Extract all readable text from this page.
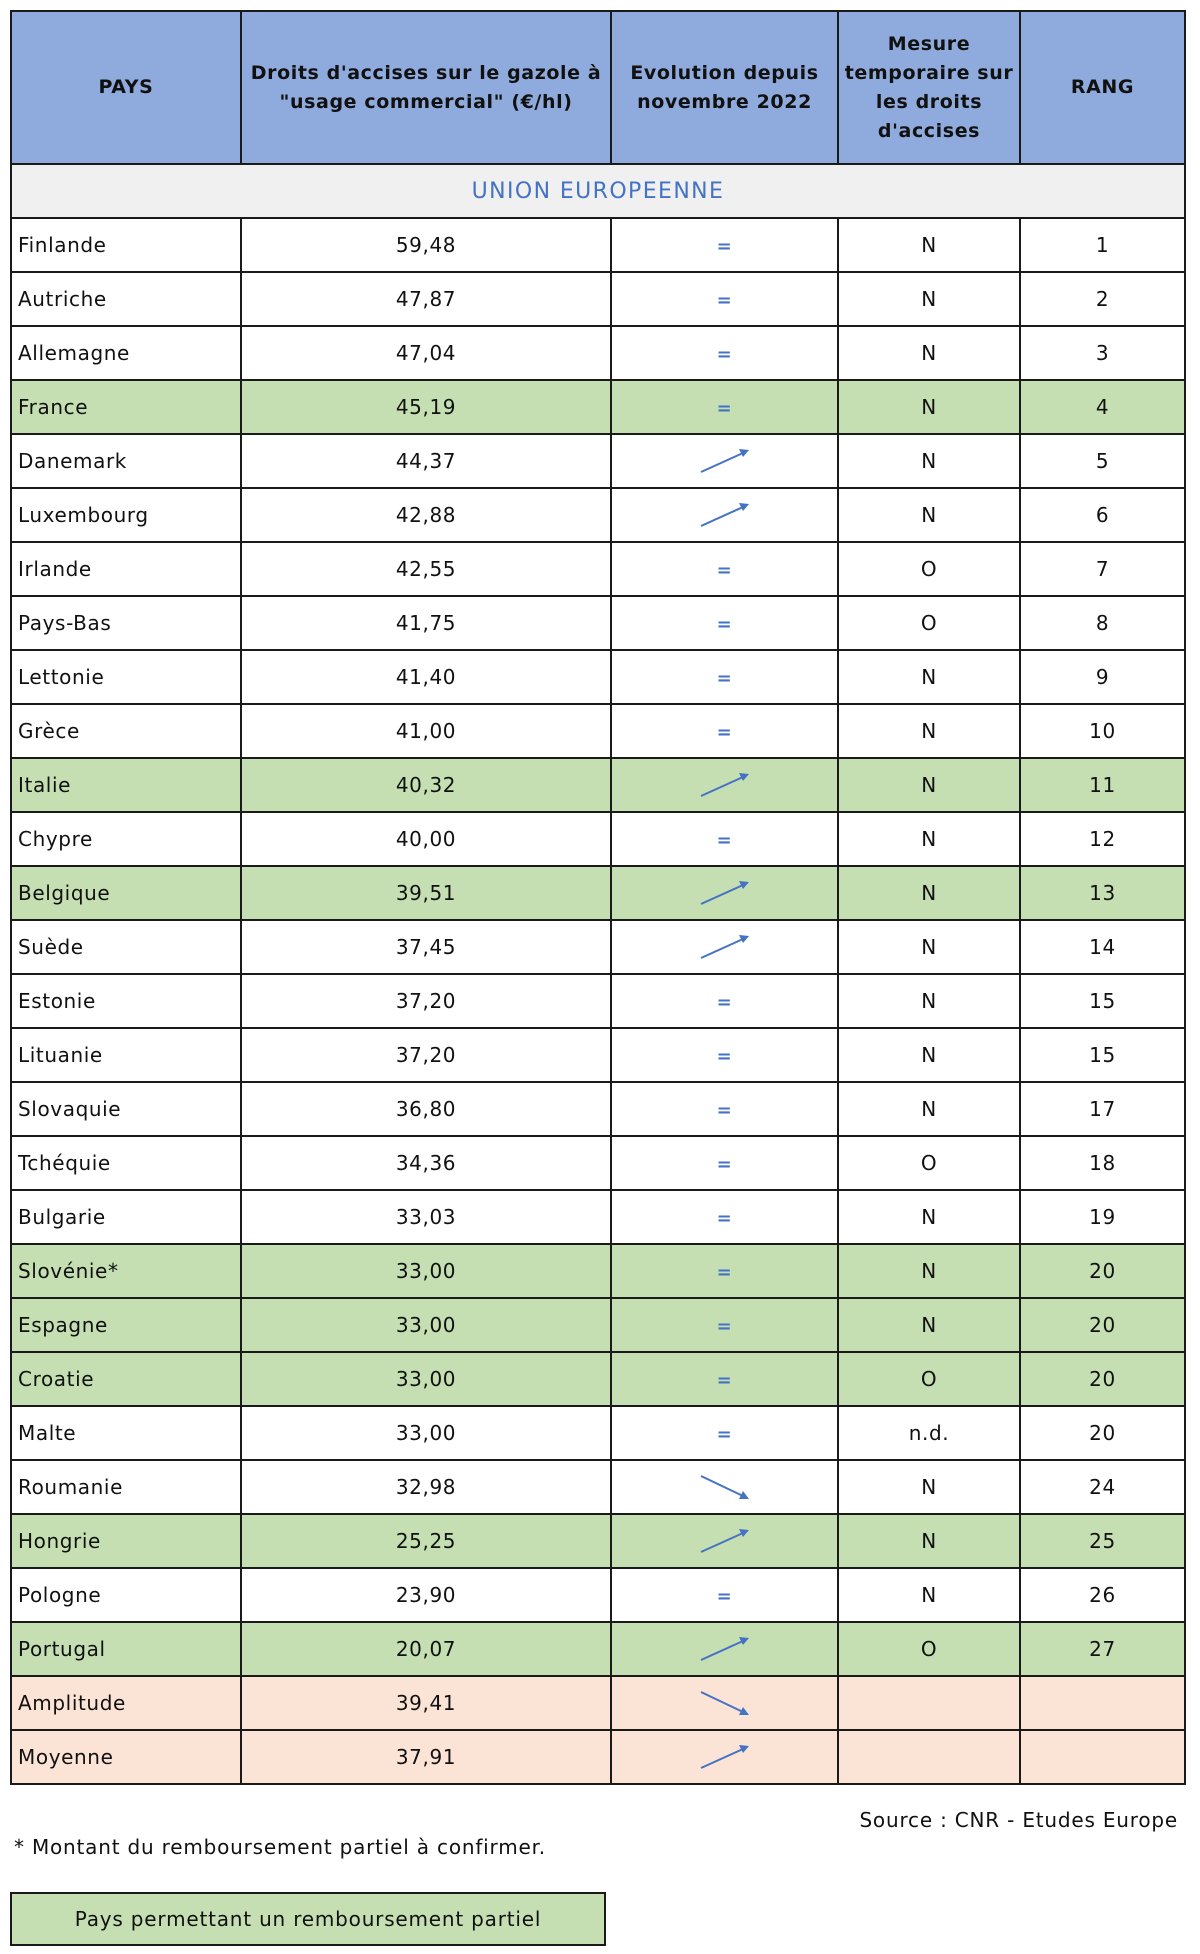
PAYS	Droits d'accises sur le gazole à "usage commercial" (€/hl)	Evolution depuis novembre 2022	Mesure temporaire sur les droits d'accises	RANG
UNION EUROPEENNE				
Finlande	59,48	=	N	1
Autriche	47,87	=	N	2
Allemagne	47,04	=	N	3
France	45,19	=	N	4
Danemark	44,37		N	5
Luxembourg	42,88		N	6
Irlande	42,55	=	O	7
Pays-Bas	41,75	=	O	8
Lettonie	41,40	=	N	9
Grèce	41,00	=	N	10
Italie	40,32		N	11
Chypre	40,00	=	N	12
Belgique	39,51		N	13
Suède	37,45		N	14
Estonie	37,20	=	N	15
Lituanie	37,20	=	N	15
Slovaquie	36,80	=	N	17
Tchéquie	34,36	=	O	18
Bulgarie	33,03	=	N	19
Slovénie*	33,00	=	N	20
Espagne	33,00	=	N	20
Croatie	33,00	=	O	20
Malte	33,00	=	n.d.	20
Roumanie	32,98		N	24
Hongrie	25,25		N	25
Pologne	23,90	=	N	26
Portugal	20,07		O	27
Amplitude	39,41	

Moyenne	37,91	

Source : CNR - Etudes Europe
* Montant du remboursement partiel à confirmer.
Pays permettant un remboursement partiel
